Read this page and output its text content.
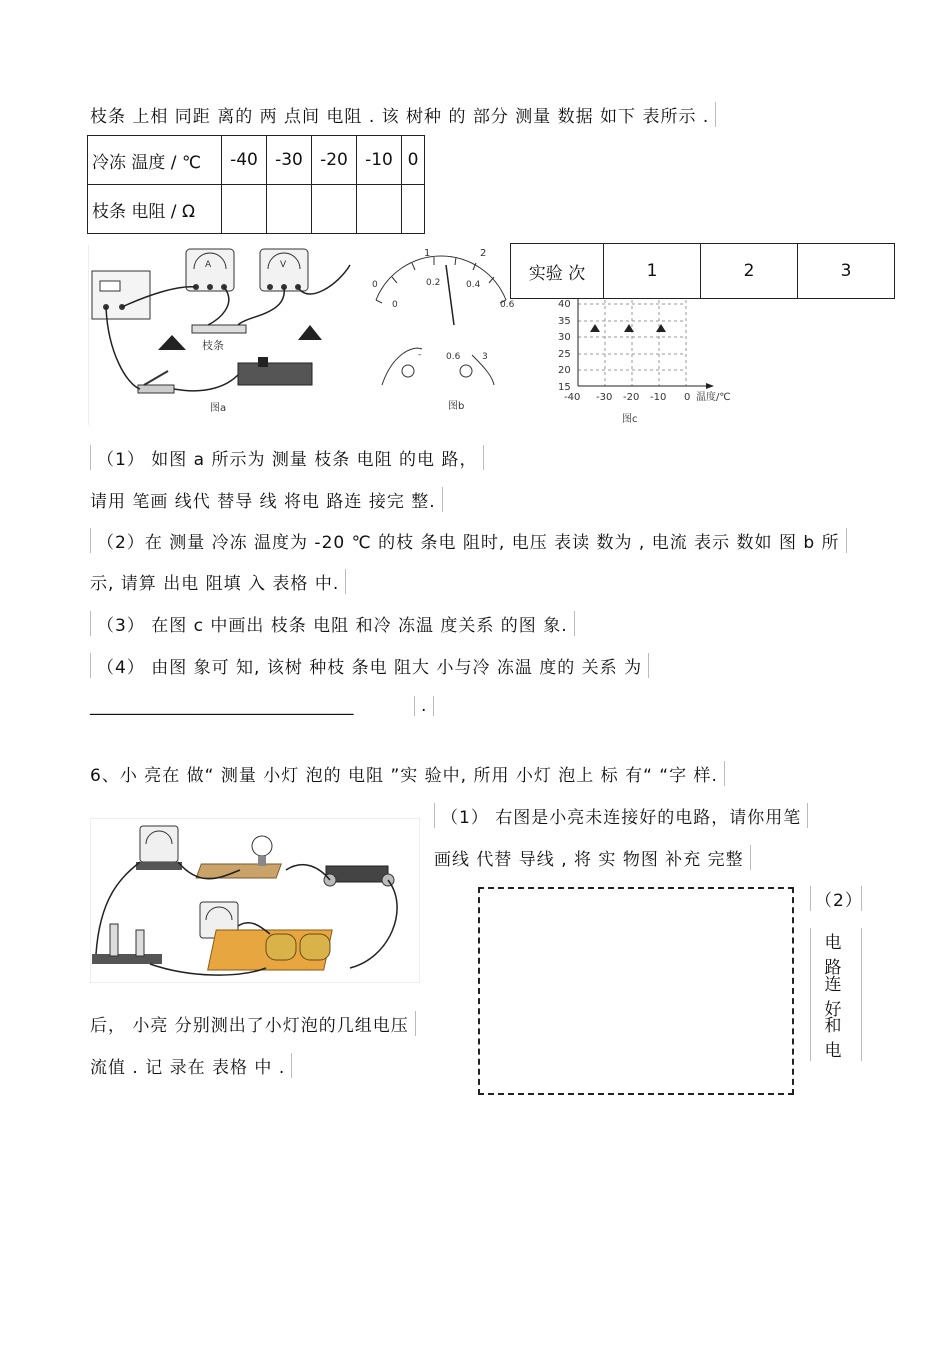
枝条 上相 同距 离的 两 点间 电阻 . 该 树种 的 部分 测量 数据 如下 表所示 .
冷冻 温度 / ℃	-40	-30	-20	-10	0
枝条 电阻 / Ω					
A	V
枝条
图a
1	2
0
0
0.2	0.4
0.6
-	0.6 3
图b
40
35
30
25
20
15
-40 -30 -20 -10 0 温度/℃
图c
实验 次	1	2	3
（1） 如图 a 所示为 测量 枝条 电阻 的电 路，
请用 笔画 线代 替导 线 将电 路连 接完 整.
（2）在 测量 冷冻 温度为 -20 ℃ 的枝 条电 阻时, 电压 表读 数为 , 电流 表示 数如 图 b 所
示, 请算 出电 阻填 入 表格 中.
（3） 在图 c 中画出 枝条 电阻 和冷 冻温 度关系 的图 象.
（4） 由图 象可 知, 该树 种枝 条电 阻大 小与冷 冻温 度的 关系 为
_______________________________	.
6、小 亮在 做“ 测量 小灯 泡的 电阻 ”实 验中, 所用 小灯 泡上 标 有“ “字 样.
（1） 右图是小亮未连接好的电路，请你用笔
画线 代替 导线 , 将 实 物图 补充 完整
（2）
电 路
连 好
和 电
后， 小亮 分别测出了小灯泡的几组电压
流值 . 记 录在 表格 中 .
